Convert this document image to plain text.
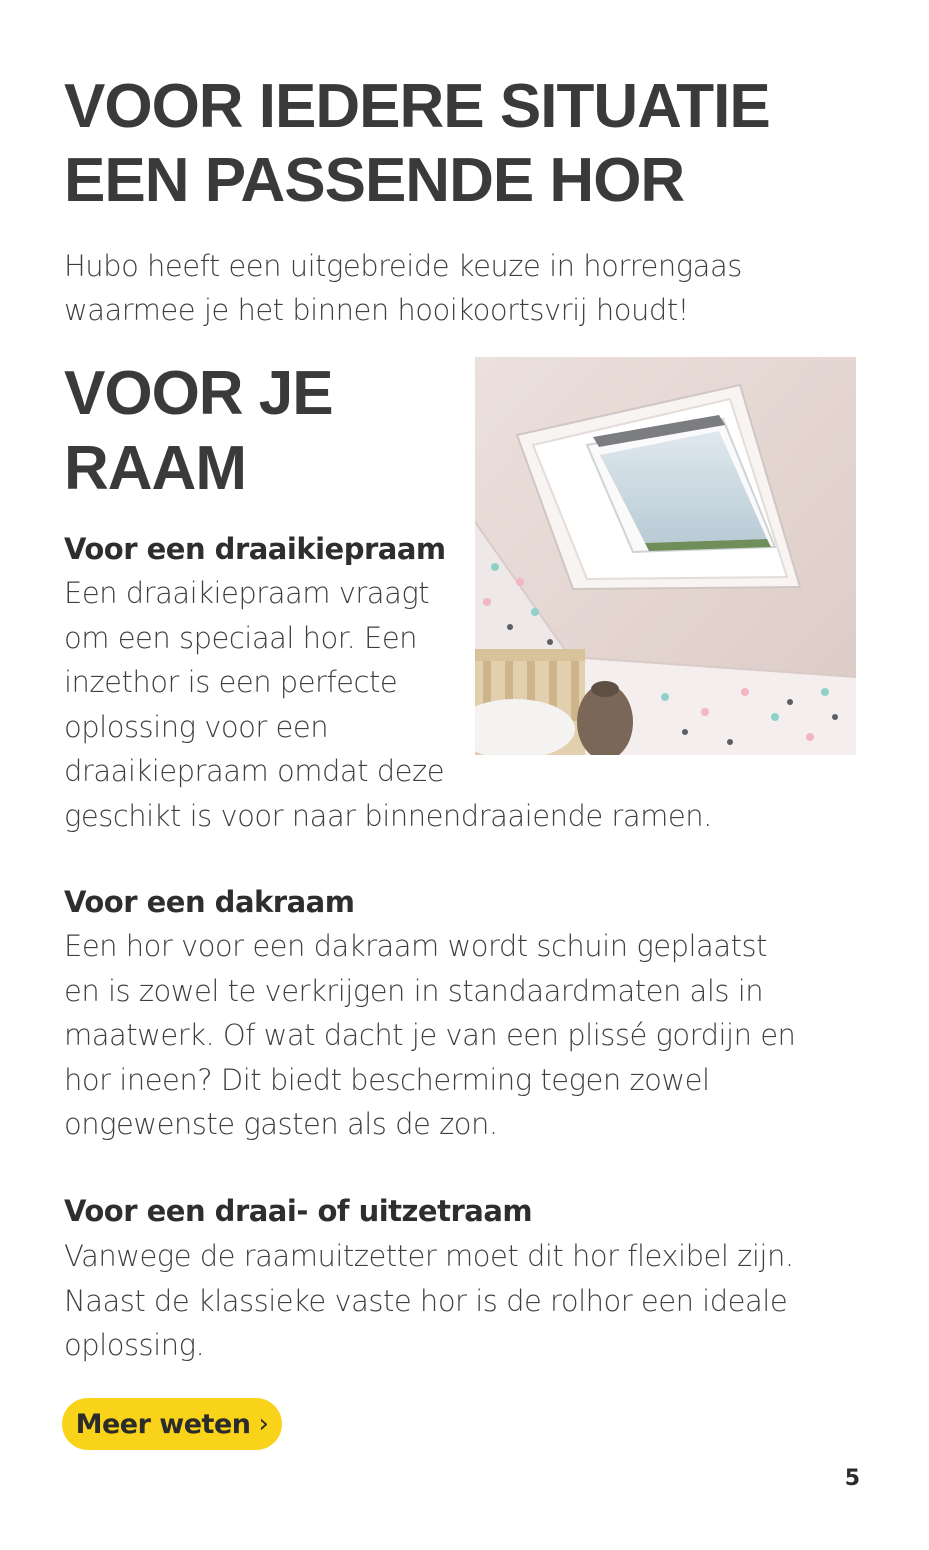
VOOR IEDERE SITUATIE
EEN PASSENDE HOR

Hubo heeft een uitgebreide keuze in horrengaas
waarmee je het binnen hooikoortsvrij houdt!

VOOR JE
RAAM
Voor een draaikiepraam

Een draaikiepraam vraagt
om een speciaal hor. Een
inzethor is een perfecte
oplossing voor een
draaikiepraam omdat deze
geschikt is voor naar binnendraaiende ramen.

Voor een dakraam

Een hor voor een dakraam wordt schuin geplaatst
en is zowel te verkrijgen in standaardmaten als in
maatwerk. Of wat dacht je van een plissé gordijn en
hor ineen? Dit biedt bescherming tegen zowel
ongewenste gasten als de zon.

Voor een draai- of uitzetraam

Vanwege de raamuitzetter moet dit hor flexibel zijn.
Naast de klassieke vaste hor is de rolhor een ideale
oplossing.

Meer weten ›
5
